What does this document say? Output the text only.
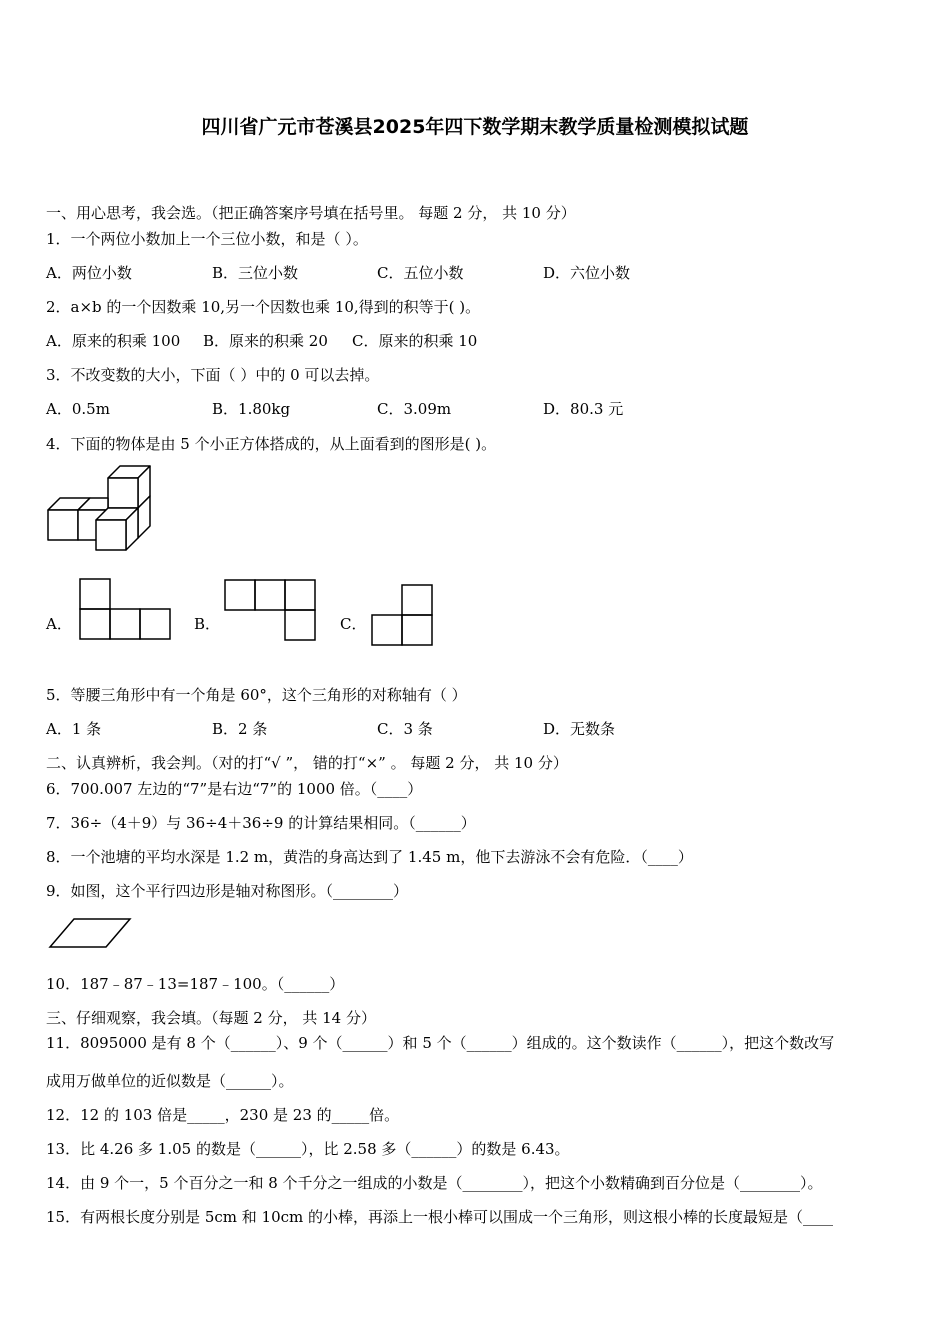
四川省广元市苍溪县2025年四下数学期末教学质量检测模拟试题
一、用心思考，我会选。（把正确答案序号填在括号里。 每题 2 分， 共 10 分）
1．一个两位小数加上一个三位小数，和是（ ）。
A．两位小数	B．三位小数	C．五位小数	D．六位小数
2．a×b 的一个因数乘 10,另一个因数也乘 10,得到的积等于( )。
A．原来的积乘 100 B．原来的积乘 20 C．原来的积乘 10
3．不改变数的大小，下面（ ）中的 0 可以去掉。
A．0.5m	B．1.80kg	C．3.09m	D．80.3 元
4．下面的物体是由 5 个小正方体搭成的，从上面看到的图形是( )。
A．	B．	C．
5．等腰三角形中有一个角是 60°，这个三角形的对称轴有（ ）
A．1 条	B．2 条	C．3 条	D．无数条
二、认真辨析，我会判。（对的打“√ ”， 错的打“×” 。 每题 2 分， 共 10 分）
6．700.007 左边的“7”是右边“7”的 1000 倍。（____）
7．36÷（4＋9）与 36÷4＋36÷9 的计算结果相同。（______）
8．一个池塘的平均水深是 1.2 m，黄浩的身高达到了 1.45 m，他下去游泳不会有危险．（____）
9．如图，这个平行四边形是轴对称图形。（________）
10．187﹣87﹣13=187﹣100。（______）
三、仔细观察，我会填。（每题 2 分， 共 14 分）
11．8095000 是有 8 个（______）、9 个（______）和 5 个（______）组成的。这个数读作（______），把这个数改写
成用万做单位的近似数是（______）。
12．12 的 103 倍是_____，230 是 23 的_____倍。
13．比 4.26 多 1.05 的数是（______），比 2.58 多（______）的数是 6.43。
14．由 9 个一，5 个百分之一和 8 个千分之一组成的小数是（________），把这个小数精确到百分位是（________）。
15．有两根长度分别是 5cm 和 10cm 的小棒，再添上一根小棒可以围成一个三角形，则这根小棒的长度最短是（____
